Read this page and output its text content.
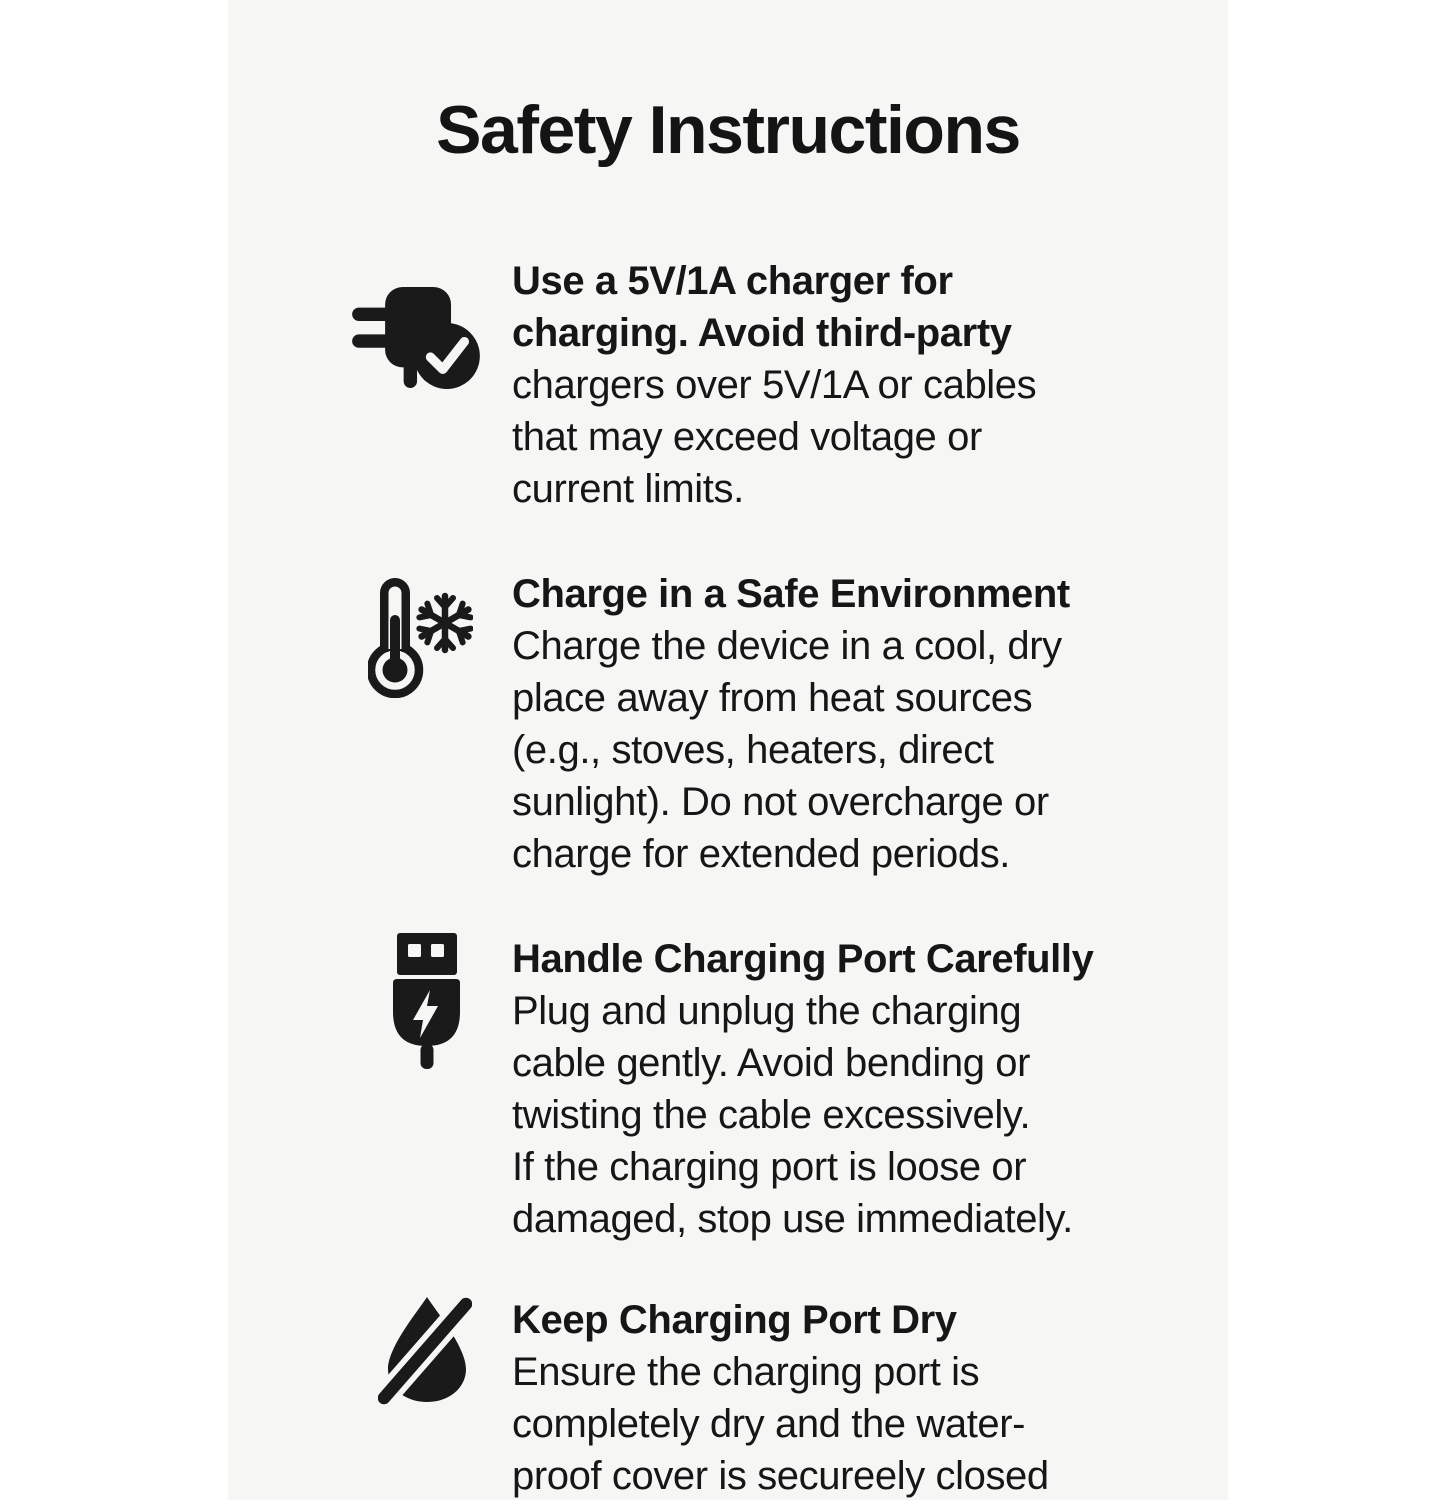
Safety Instructions
Use a 5V/1A charger for
charging. Avoid third-party
chargers over 5V/1A or cables
that may exceed voltage or
current limits.
Charge in a Safe Environment
Charge the device in a cool, dry
place away from heat sources
(e.g., stoves, heaters, direct
sunlight). Do not overcharge or
charge for extended periods.
Handle Charging Port Carefully
Plug and unplug the charging
cable gently. Avoid bending or
twisting the cable excessively.
If the charging port is loose or
damaged, stop use immediately.
Keep Charging Port Dry
Ensure the charging port is
completely dry and the water-
proof cover is secureely closed
